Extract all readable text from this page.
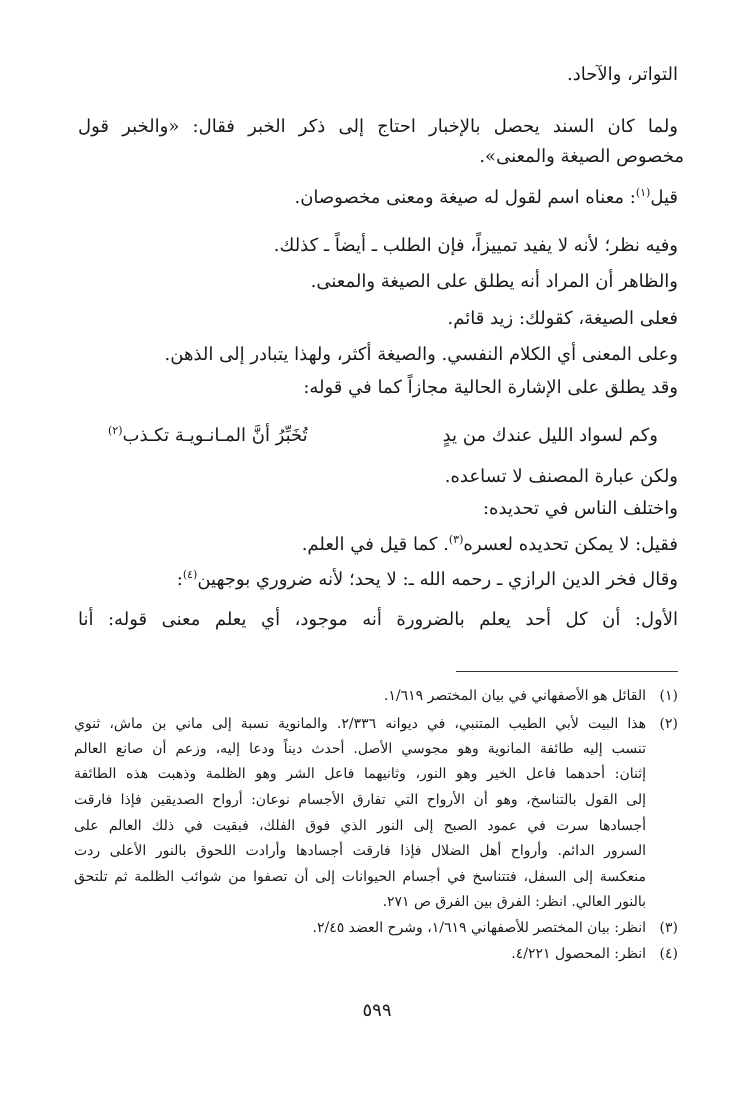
التواتر، والآحاد.
ولما كان السند يحصل بالإخبار احتاج إلى ذكر الخبر فقال: «والخبر قول
مخصوص الصيغة والمعنى».
قيل$^{(١)}$: معناه اسم لقول له صيغة ومعنى مخصوصان.
وفيه نظر؛ لأنه لا يفيد تمييزاً، فإن الطلب ـ أيضاً ـ كذلك.
والظاهر أن المراد أنه يطلق على الصيغة والمعنى.
فعلى الصيغة، كقولك: زيد قائم.
وعلى المعنى أي الكلام النفسي. والصيغة أكثر، ولهذا يتبادر إلى الذهن.
وقد يطلق على الإشارة الحالية مجازاً كما في قوله:
وكم لسواد الليل عندك من يدٍ
تُخَبِّرُ أنَّ المـانـويـة تكـذب$^{(٢)}$
ولكن عبارة المصنف لا تساعده.
واختلف الناس في تحديده:
فقيل: لا يمكن تحديده لعسره$^{(٣)}$. كما قيل في العلم.
وقال فخر الدين الرازي ـ رحمه الله ـ: لا يحد؛ لأنه ضروري بوجهين$^{(٤)}$:
الأول: أن كل أحد يعلم بالضرورة أنه موجود، أي يعلم معنى قوله: أنا
(١)
القائل هو الأصفهاني في بيان المختصر ١/٦١٩.
(٢)
هذا البيت لأبي الطيب المتنبي، في ديوانه ٢/٣٣٦. والمانوية نسبة إلى ماني بن ماش، ثنوي
تنسب إليه طائفة المانوية وهو مجوسي الأصل. أحدث ديناً ودعا إليه، وزعم أن صانع العالم
إثنان: أحدهما فاعل الخير وهو النور، وثانيهما فاعل الشر وهو الظلمة وذهبت هذه الطائفة
إلى القول بالتناسخ، وهو أن الأرواح التي تفارق الأجسام نوعان: أرواح الصديقين فإذا فارقت
أجسادها سرت في عمود الصبح إلى النور الذي فوق الفلك، فبقيت في ذلك العالم على
السرور الدائم. وأرواح أهل الضلال فإذا فارقت أجسادها وأرادت اللحوق بالنور الأعلى ردت
منعكسة إلى السفل، فتتناسخ في أجسام الحيوانات إلى أن تصفوا من شوائب الظلمة ثم تلتحق
بالنور العالي. انظر: الفرق بين الفرق ص ٢٧١.
(٣)
انظر: بيان المختصر للأصفهاني ١/٦١٩، وشرح العضد ٢/٤٥.
(٤)
انظر: المحصول ٤/٢٢١.
٥٩٩
